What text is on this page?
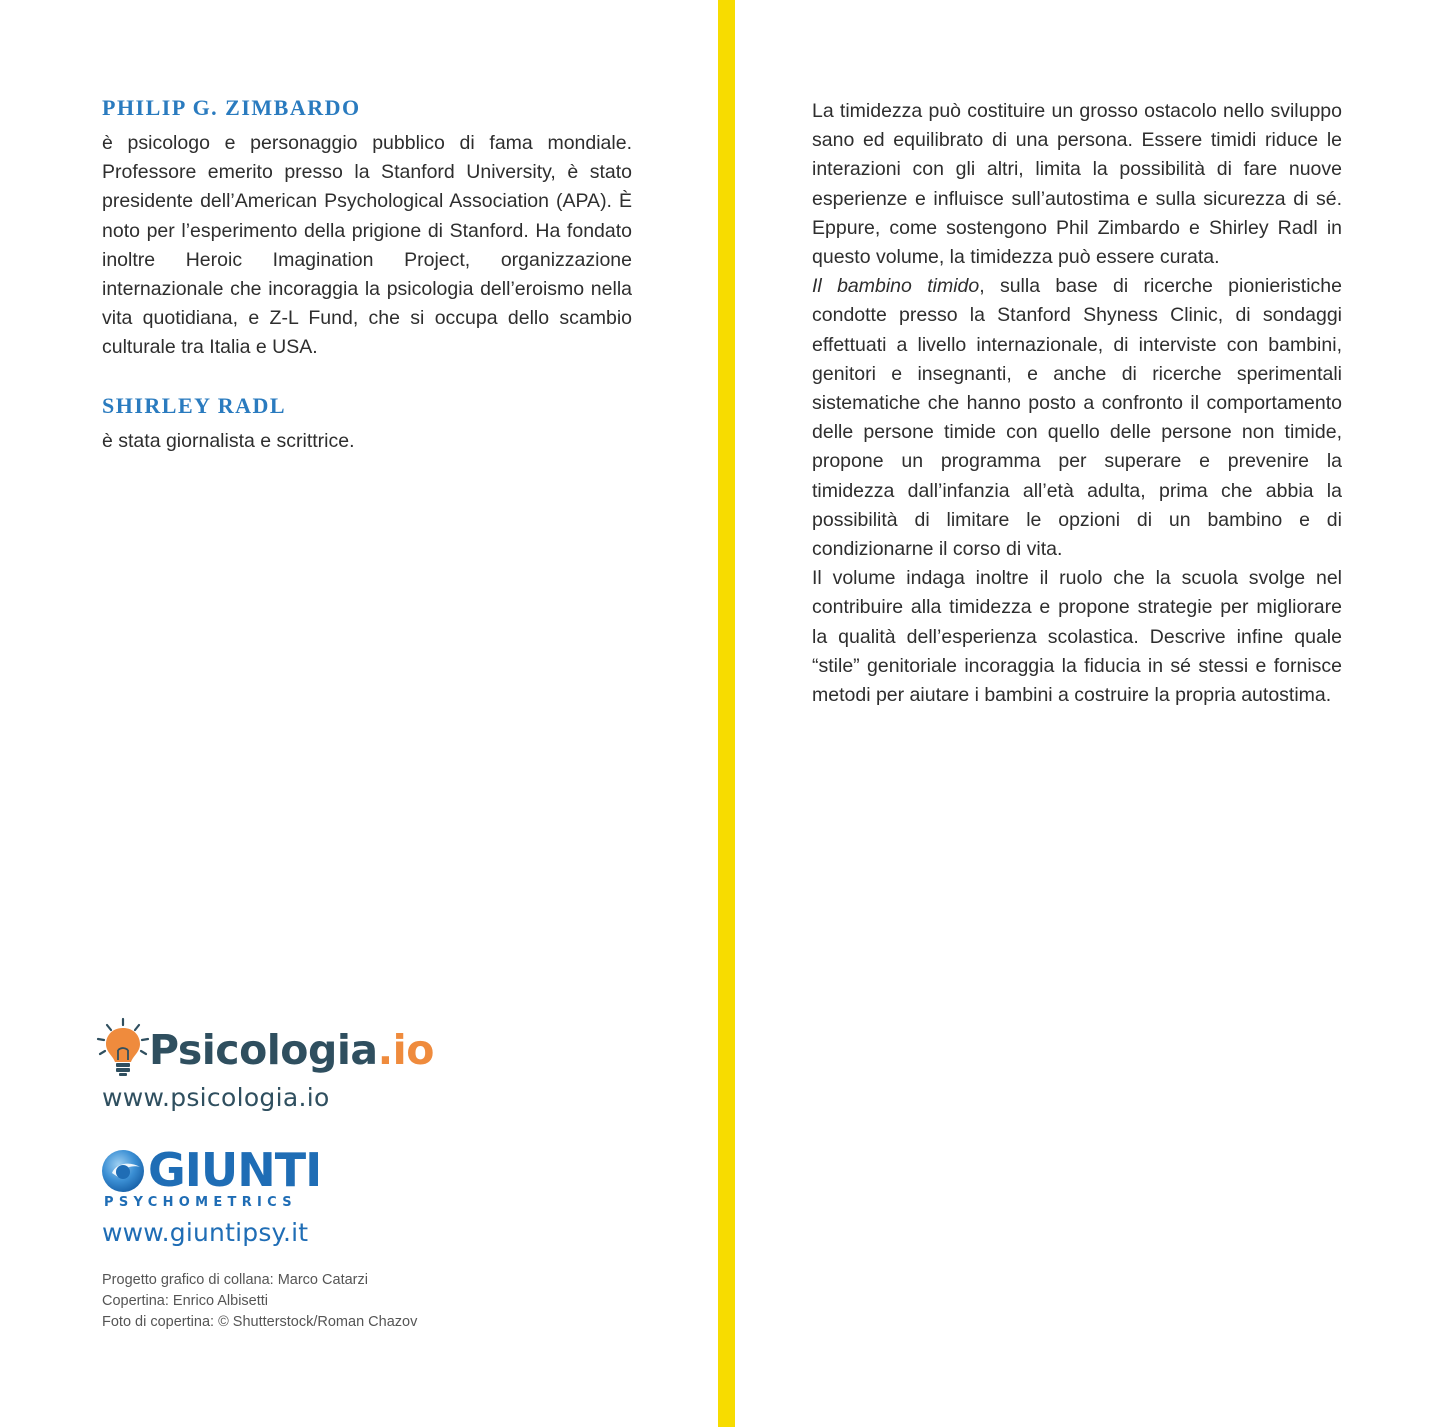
PHILIP G. ZIMBARDO

è psicologo e personaggio pubblico di fama mondiale. Professore emerito presso la Stanford University, è stato presidente dell’American Psychological Association (APA). È noto per l’esperimento della prigione di Stanford. Ha fondato inoltre Heroic Imagination Project, organizzazione internazionale che incoraggia la psicologia dell’eroismo nella vita quotidiana, e Z-L Fund, che si occupa dello scambio culturale tra Italia e USA.

SHIRLEY RADL

è stata giornalista e scrittrice.

La timidezza può costituire un grosso ostacolo nello sviluppo sano ed equilibrato di una persona. Essere timidi riduce le interazioni con gli altri, limita la possibilità di fare nuove esperienze e influisce sull’autostima e sulla sicurezza di sé. Eppure, come sostengono Phil Zimbardo e Shirley Radl in questo volume, la timidezza può essere curata.

Il bambino timido, sulla base di ricerche pionieristiche condotte presso la Stanford Shyness Clinic, di sondaggi effettuati a livello internazionale, di interviste con bambini, genitori e insegnanti, e anche di ricerche sperimentali sistematiche che hanno posto a confronto il comportamento delle persone timide con quello delle persone non timide, propone un programma per superare e prevenire la timidezza dall’infanzia all’età adulta, prima che abbia la possibilità di limitare le opzioni di un bambino e di condizionarne il corso di vita.

Il volume indaga inoltre il ruolo che la scuola svolge nel contribuire alla timidezza e propone strategie per migliorare la qualità dell’esperienza scolastica. Descrive infine quale “stile” genitoriale incoraggia la fiducia in sé stessi e fornisce metodi per aiutare i bambini a costruire la propria autostima.

Psicologia.io
www.psicologia.io
GIUNTI
PSYCHOMETRICS
www.giuntipsy.it
Progetto grafico di collana: Marco Catarzi
Copertina: Enrico Albisetti
Foto di copertina: © Shutterstock/Roman Chazov
